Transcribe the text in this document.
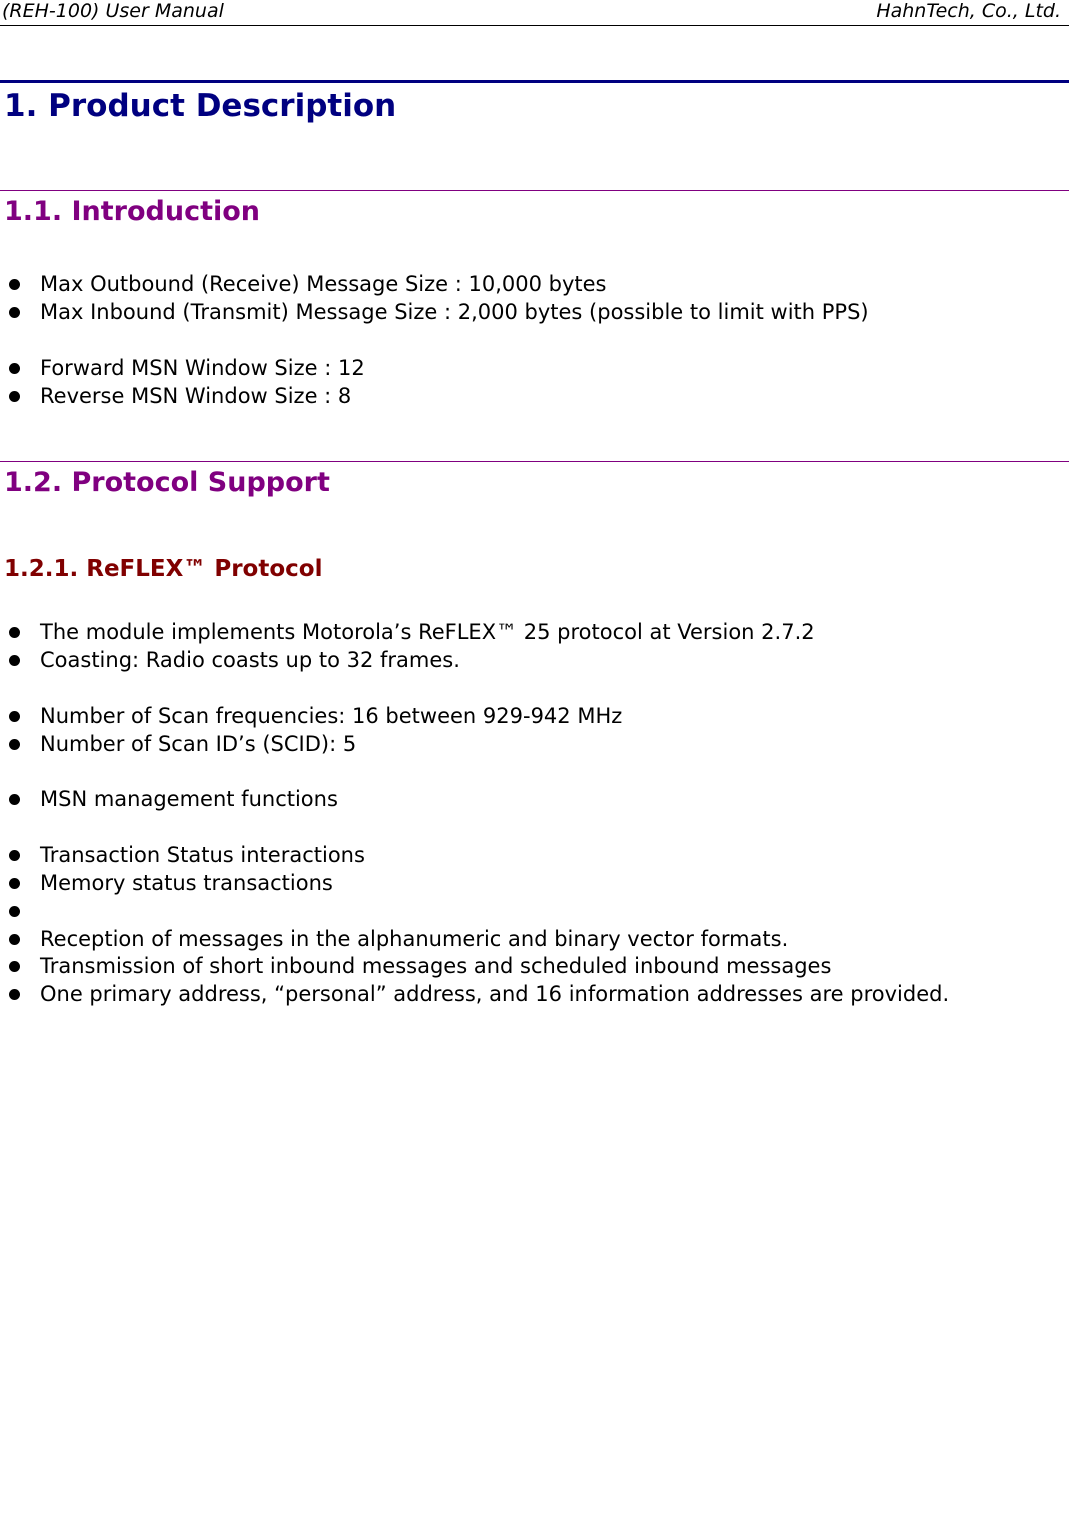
(REH-100) User Manual	HahnTech, Co., Ltd.
1. Product Description
1.1. Introduction
Max Outbound (Receive) Message Size : 10,000 bytes
Max Inbound (Transmit) Message Size : 2,000 bytes (possible to limit with PPS)
Forward MSN Window Size : 12
Reverse MSN Window Size : 8
1.2. Protocol Support
1.2.1. ReFLEX™ Protocol
The module implements Motorola’s ReFLEX™ 25 protocol at Version 2.7.2
Coasting: Radio coasts up to 32 frames.
Number of Scan frequencies: 16 between 929-942 MHz
Number of Scan ID’s (SCID): 5
MSN management functions
Transaction Status interactions
Memory status transactions
Reception of messages in the alphanumeric and binary vector formats.
Transmission of short inbound messages and scheduled inbound messages
One primary address, “personal” address, and 16 information addresses are provided.
